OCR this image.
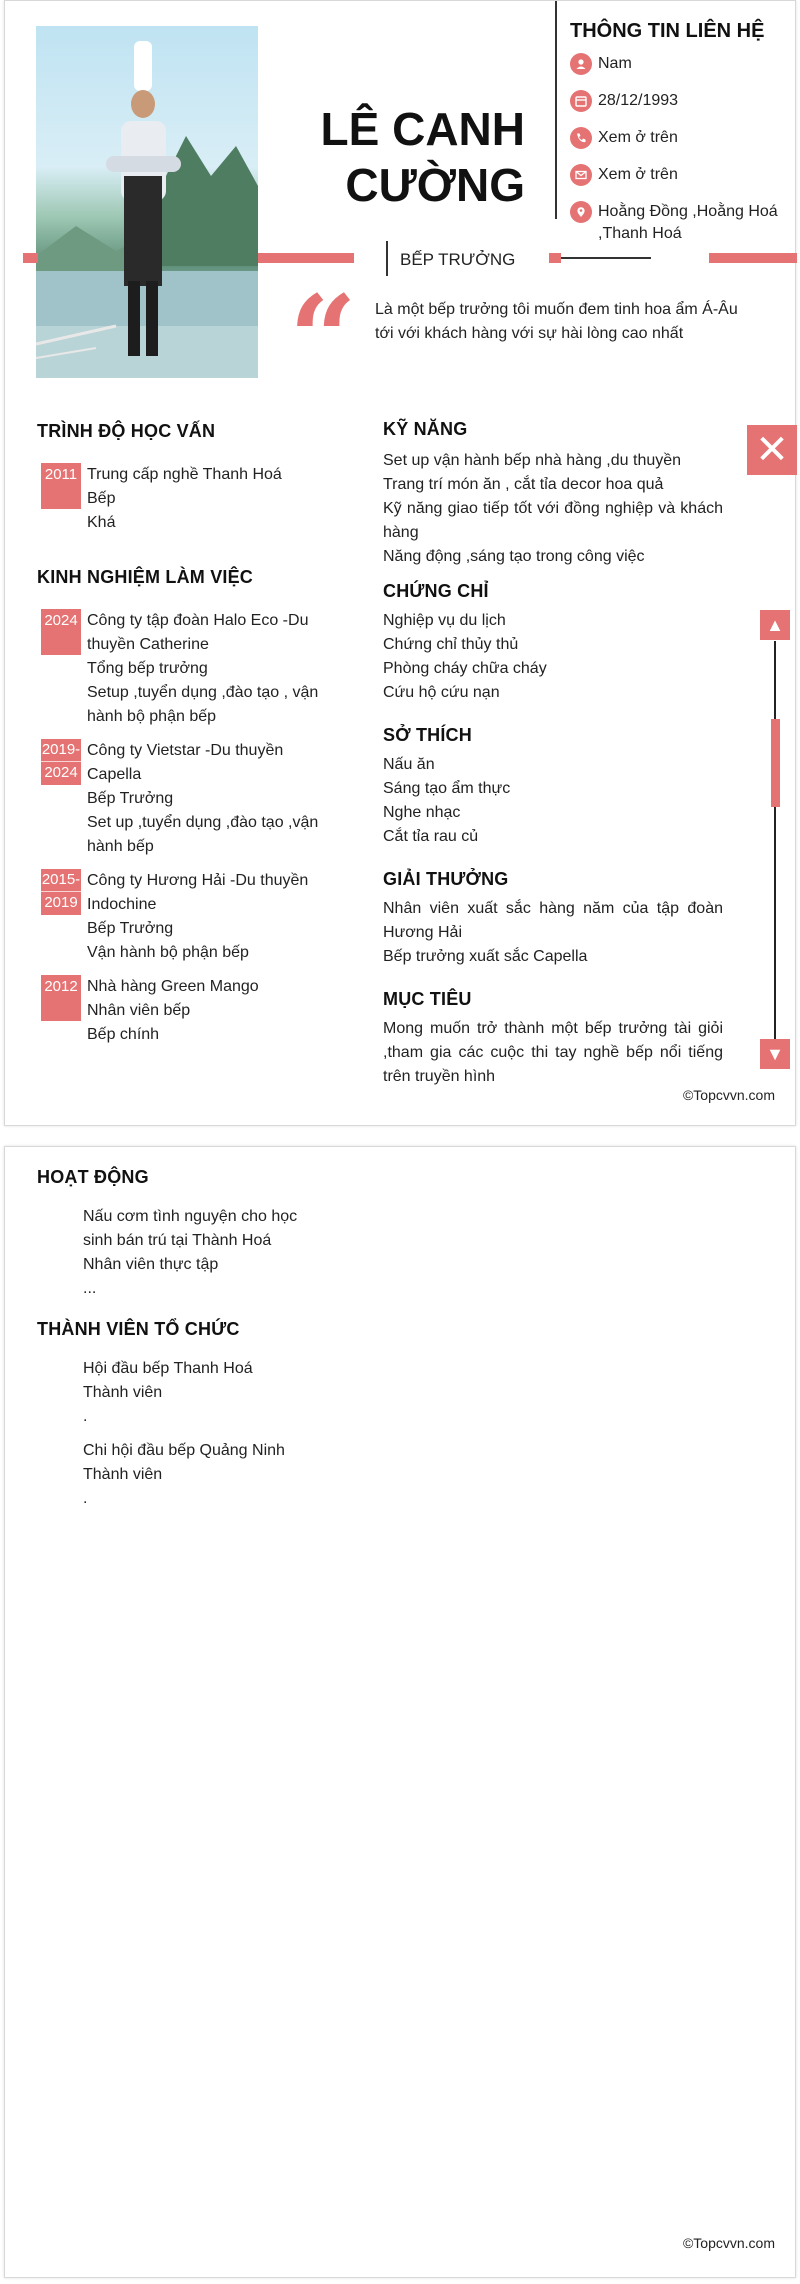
LÊ CANH
CƯỜNG
THÔNG TIN LIÊN HỆ
Nam
28/12/1993
Xem ở trên
Xem ở trên
Hoằng Đồng ,Hoằng Hoá ,Thanh Hoá
BẾP TRƯỞNG
“	Là một bếp trưởng tôi muốn đem tinh hoa ẩm Á-Âu tới với khách hàng với sự hài lòng cao nhất
TRÌNH ĐỘ HỌC VẤN
2011 Trung cấp nghề Thanh Hoá
Bếp
Khá
KINH NGHIỆM LÀM VIỆC
2024 Công ty tập đoàn Halo Eco -Du thuyền Catherine
Tổng bếp trưởng
Setup ,tuyển dụng ,đào tạo , vận hành bộ phận bếp
2019-
2024
Công ty Vietstar -Du thuyền Capella
Bếp Trưởng
Set up ,tuyển dụng ,đào tạo ,vận hành bếp
2015-
2019
Công ty Hương Hải -Du thuyền Indochine
Bếp Trưởng
Vận hành bộ phận bếp
2012 Nhà hàng Green Mango
Nhân viên bếp
Bếp chính
KỸ NĂNG
Set up vận hành bếp nhà hàng ,du thuyền
Trang trí món ăn , cắt tỉa decor hoa quả
Kỹ năng giao tiếp tốt với đồng nghiệp và khách hàng
Năng động ,sáng tạo trong công việc
CHỨNG CHỈ
Nghiệp vụ du lịch
Chứng chỉ thủy thủ
Phòng cháy chữa cháy
Cứu hộ cứu nạn
SỞ THÍCH
Nấu ăn
Sáng tạo ẩm thực
Nghe nhạc
Cắt tỉa rau củ
GIẢI THƯỞNG
Nhân viên xuất sắc hàng năm của tập đoàn Hương Hải
Bếp trưởng xuất sắc Capella
MỤC TIÊU
Mong muốn trở thành một bếp trưởng tài giỏi ,tham gia các cuộc thi tay nghề bếp nổi tiếng trên truyền hình
✕
▲
▼
©Topcvvn.com
HOẠT ĐỘNG
Nấu cơm tình nguyện cho học sinh bán trú tại Thành Hoá
Nhân viên thực tập
...
THÀNH VIÊN TỔ CHỨC
Hội đầu bếp Thanh Hoá
Thành viên
.
Chi hội đầu bếp Quảng Ninh
Thành viên
.
©Topcvvn.com
